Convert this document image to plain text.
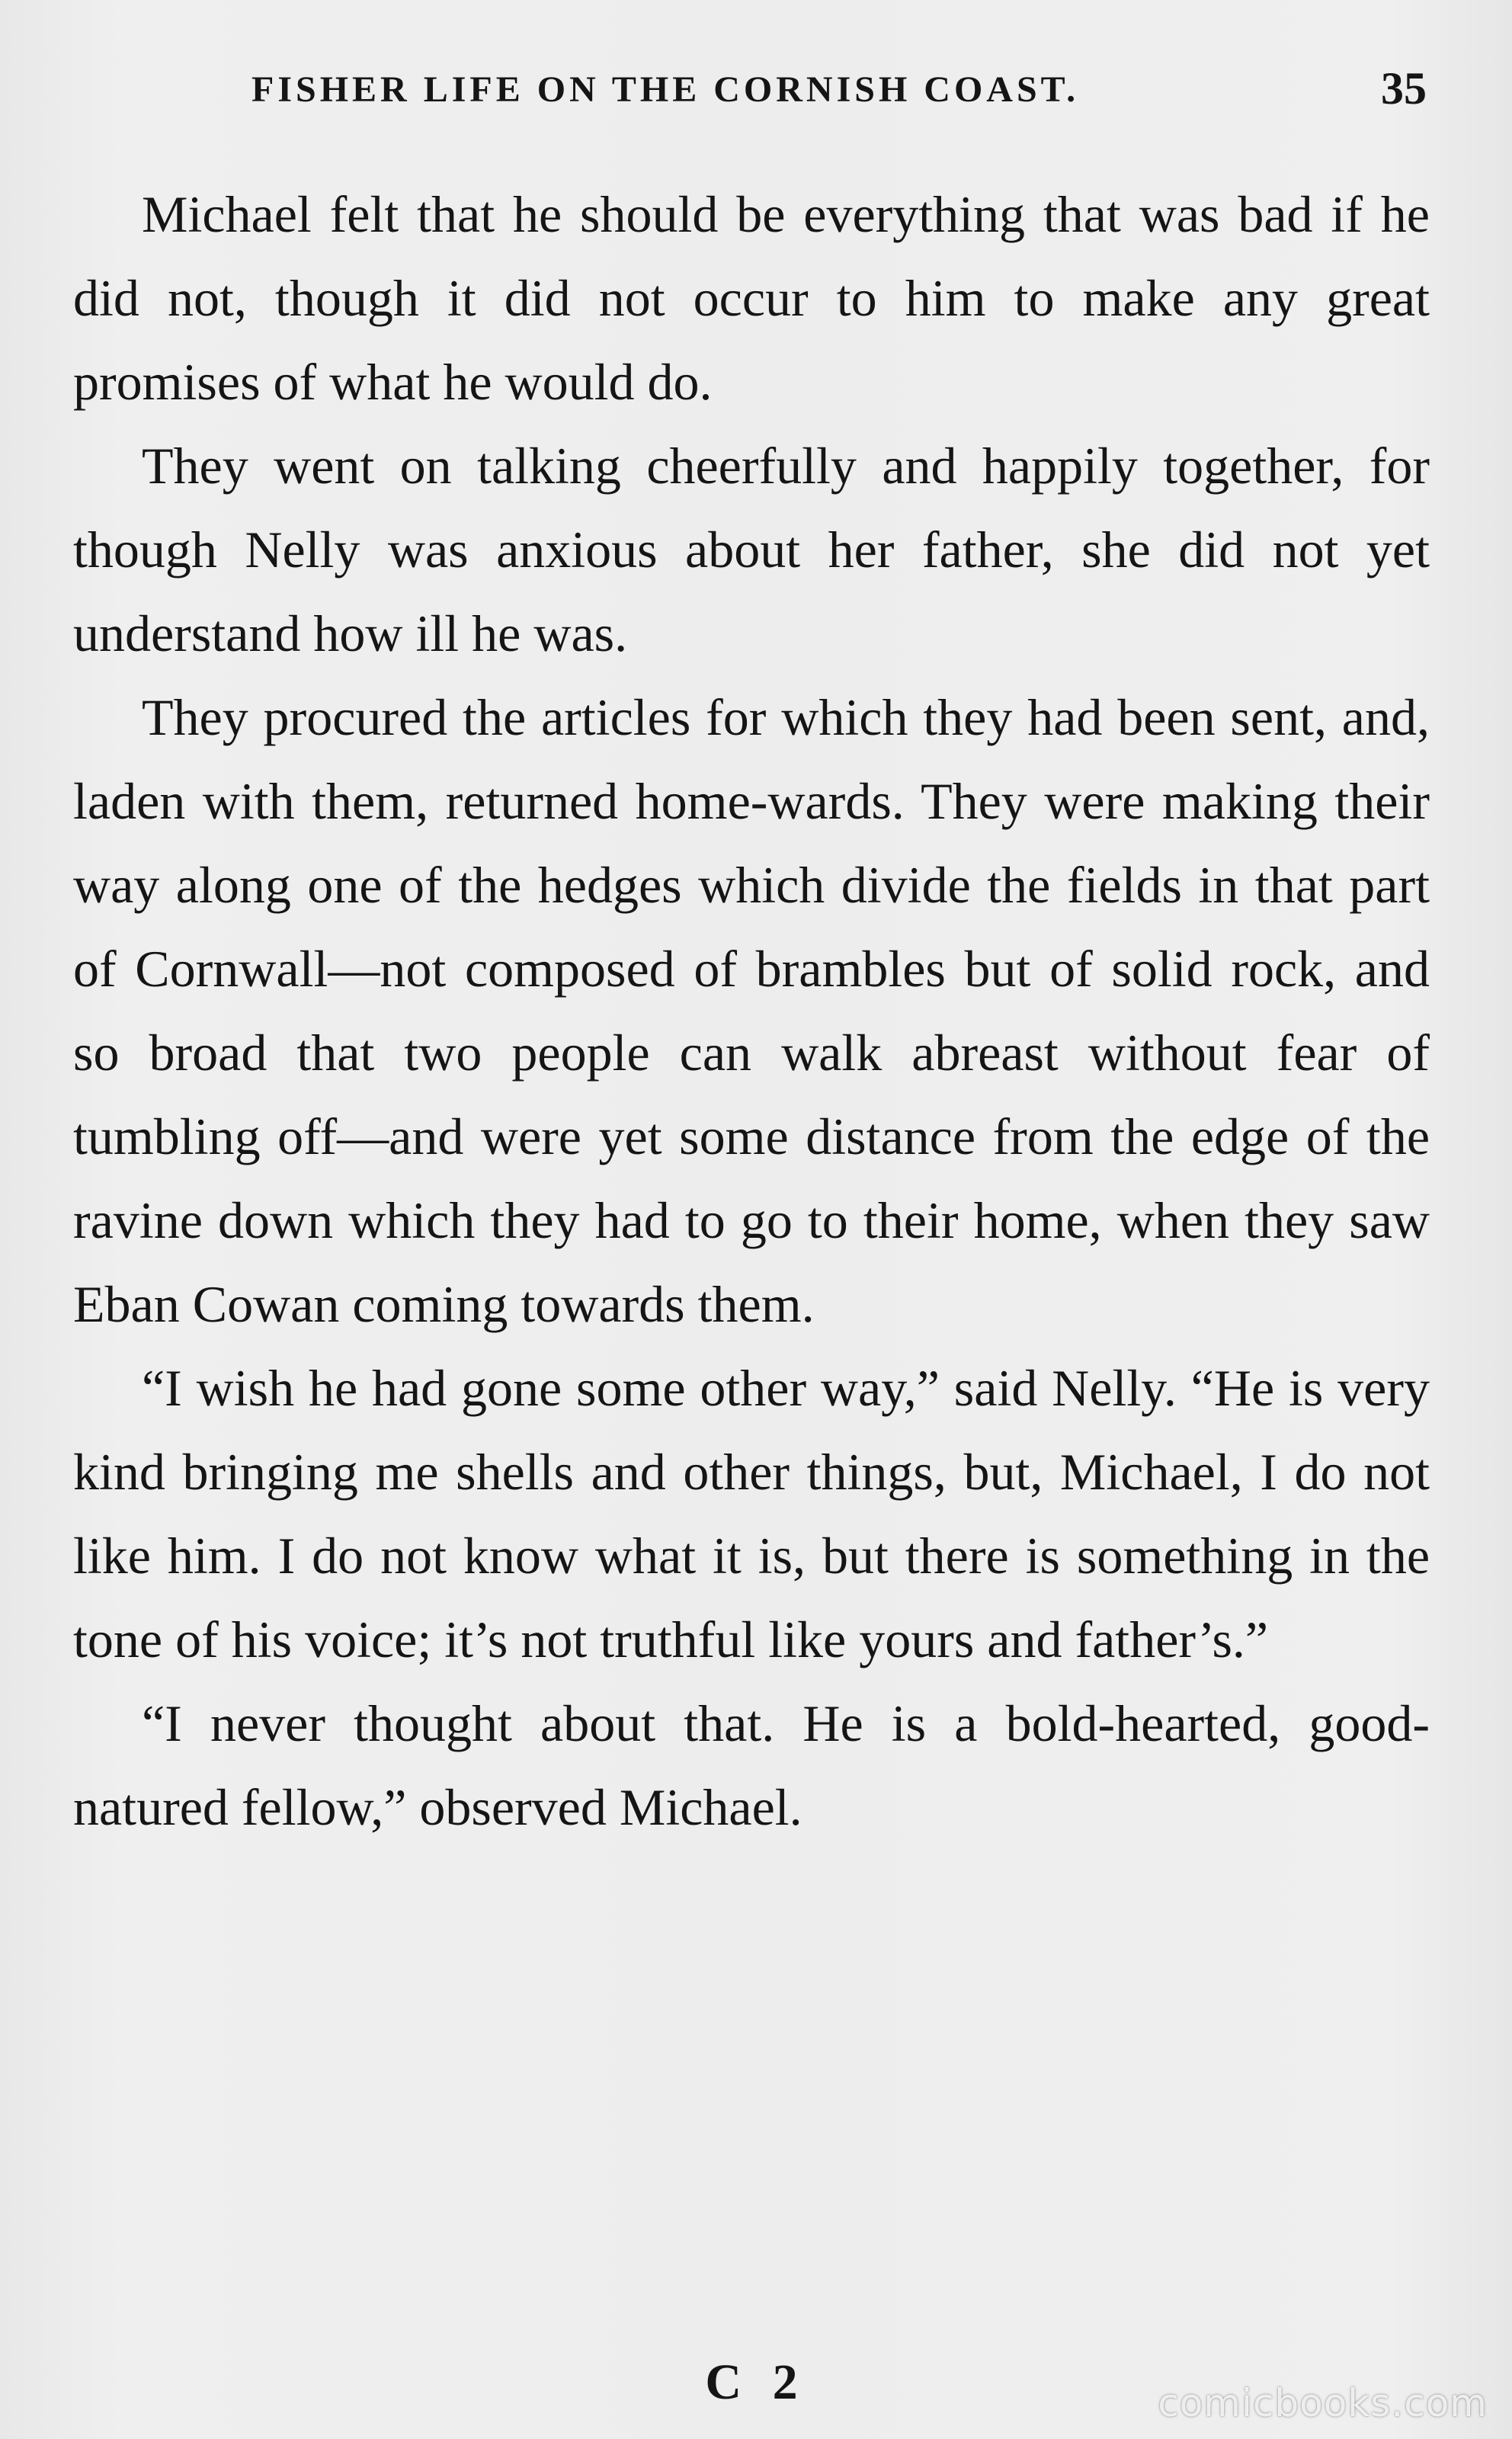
FISHER LIFE ON THE CORNISH COAST.	35

Michael felt that he should be everything that was bad if he did not, though it did not occur to him to make any great promises of what he would do.

They went on talking cheerfully and happily together, for though Nelly was anxious about her father, she did not yet understand how ill he was.

They procured the articles for which they had been sent, and, laden with them, returned home-wards. They were making their way along one of the hedges which divide the fields in that part of Cornwall—not composed of brambles but of solid rock, and so broad that two people can walk abreast without fear of tumbling off—and were yet some distance from the edge of the ravine down which they had to go to their home, when they saw Eban Cowan coming towards them.

“I wish he had gone some other way,” said Nelly. “He is very kind bringing me shells and other things, but, Michael, I do not like him. I do not know what it is, but there is something in the tone of his voice; it’s not truthful like yours and father’s.”

“I never thought about that. He is a bold-hearted, good-natured fellow,” observed Michael.

C 2	comicbooks.com
